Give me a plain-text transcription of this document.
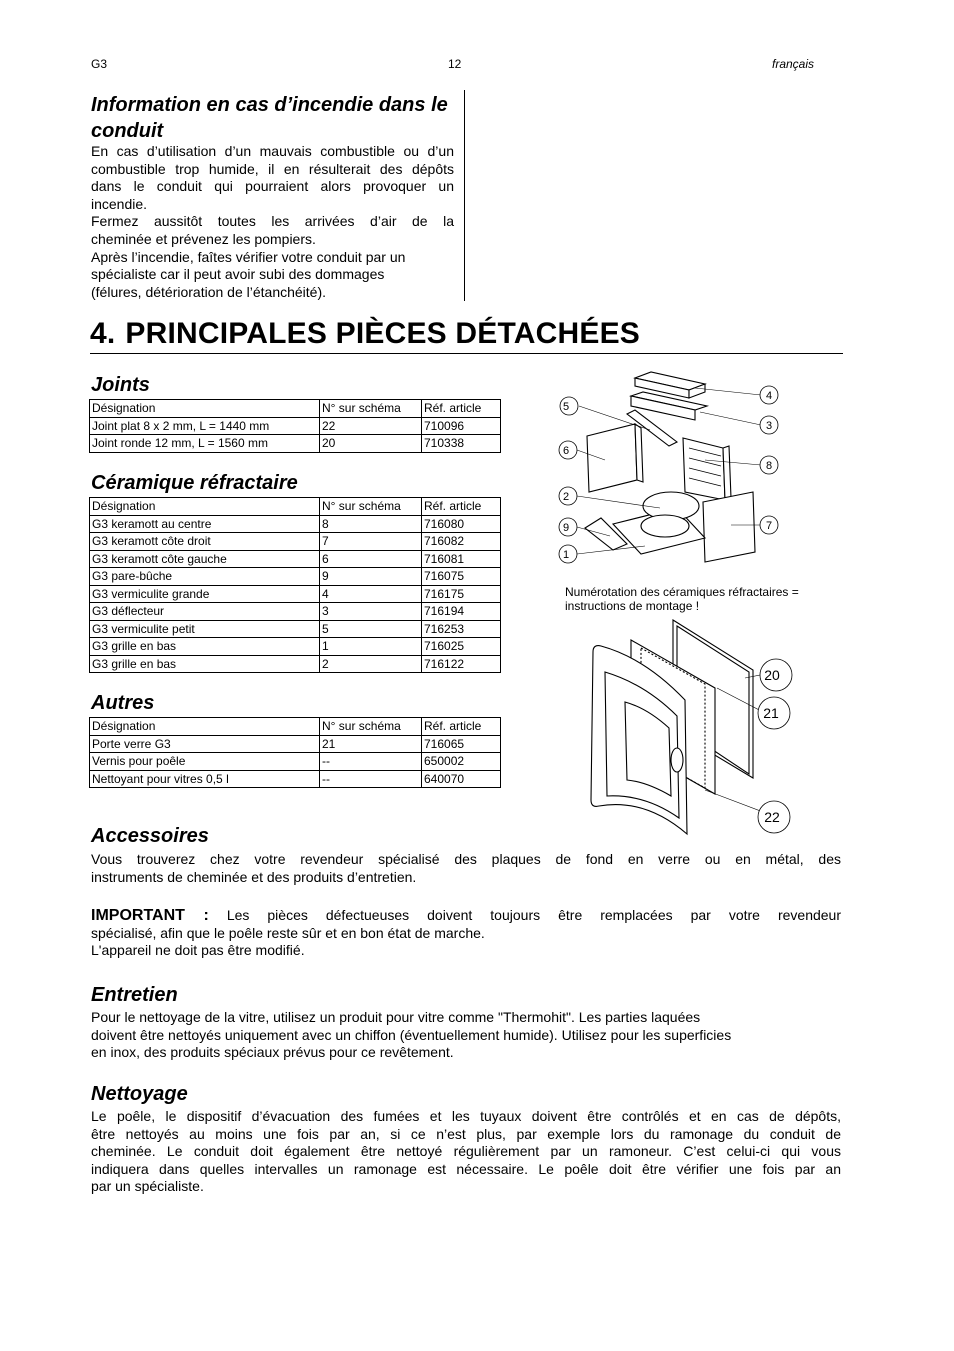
G3	12	français
Information en cas d’incendie dans le
conduit
En cas d’utilisation d’un mauvais combustible ou d’un
combustible trop humide, il en résulterait des dépôts
dans le conduit qui pourraient alors provoquer un
incendie.
Fermez aussitôt toutes les arrivées d’air de la
cheminée et prévenez les pompiers.
Après l’incendie, faîtes vérifier votre conduit par un
spécialiste car il peut avoir subi des dommages
(félures, détérioration de l’étanchéité).
4. PRINCIPALES PIÈCES DÉTACHÉES
Joints
Désignation	N° sur schéma	Réf. article
Joint plat 8 x 2 mm, L = 1440 mm	22	710096
Joint ronde 12 mm, L = 1560 mm	20	710338
Céramique réfractaire
Désignation	N° sur schéma	Réf. article
G3 keramott au centre	8	716080
G3 keramott côte droit	7	716082
G3 keramott côte gauche	6	716081
G3 pare-bûche	9	716075
G3 vermiculite grande	4	716175
G3 déflecteur	3	716194
G3 vermiculite petit	5	716253
G3 grille en bas	1	716025
G3 grille en bas	2	716122
Autres
Désignation	N° sur schéma	Réf. article
Porte verre G3	21	716065
Vernis pour poêle	--	650002
Nettoyant pour vitres 0,5 l	--	640070
5
4
3
6
8
2
9	7
1
Numérotation des céramiques réfractaires =
instructions de montage !
20
21
22
Accessoires
Vous trouverez chez votre revendeur spécialisé des plaques de fond en verre ou en métal, des
instruments de cheminée et des produits d’entretien.
IMPORTANT : Les pièces défectueuses doivent toujours être remplacées par votre revendeur
spécialisé, afin que le poêle reste sûr et en bon état de marche.
L'appareil ne doit pas être modifié.
Entretien
Pour le nettoyage de la vitre, utilisez un produit pour vitre comme "Thermohit". Les parties laquées
doivent être nettoyés uniquement avec un chiffon (éventuellement humide). Utilisez pour les superficies
en inox, des produits spéciaux prévus pour ce revêtement.
Nettoyage
Le poêle, le dispositif d’évacuation des fumées et les tuyaux doivent être contrôlés et en cas de dépôts,
être nettoyés au moins une fois par an, si ce n’est plus, par exemple lors du ramonage du conduit de
cheminée. Le conduit doit également être nettoyé régulièrement par un ramoneur. C’est celui-ci qui vous
indiquera dans quelles intervalles un ramonage est nécessaire. Le poêle doit être vérifier une fois par an
par un spécialiste.
